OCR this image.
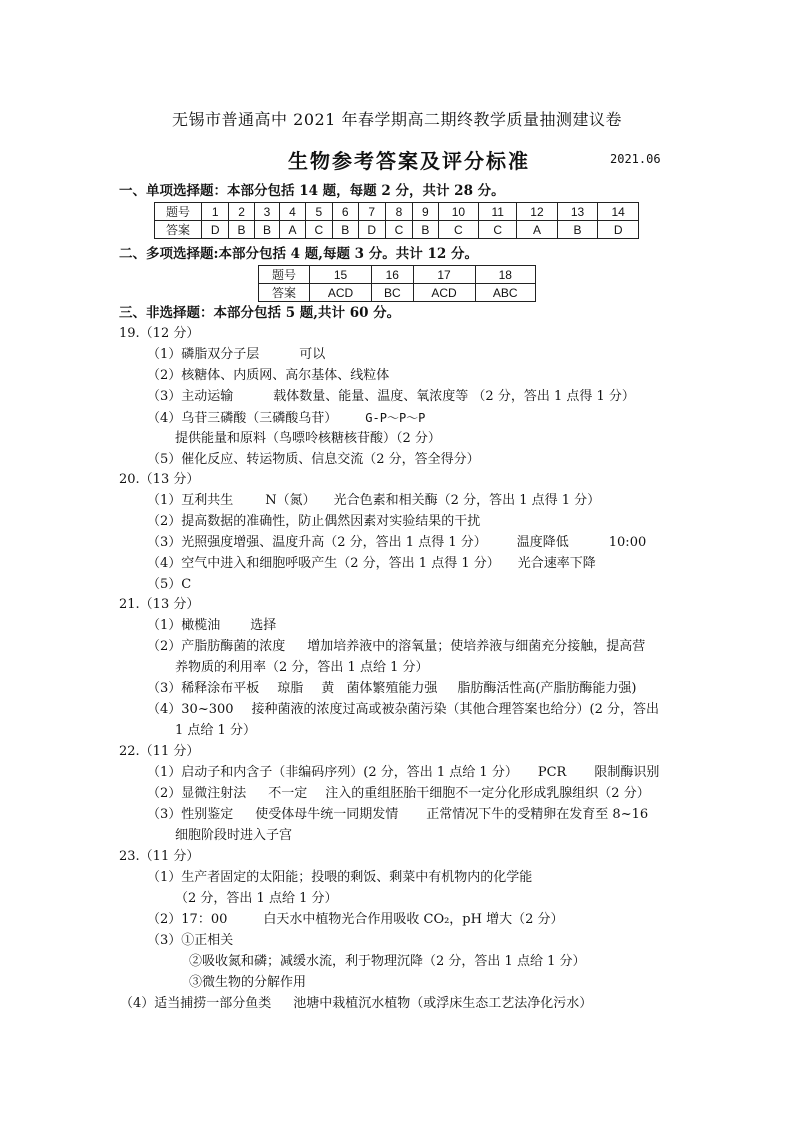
无锡市普通高中 2021 年春学期高二期终教学质量抽测建议卷
生物参考答案及评分标准	2021.06
一、单项选择题：本部分包括 14 题，每题 2 分，共计 28 分。
题号	1	2	3	4	5	6	7	8	9	10	11	12	13	14
答案	D	B	B	A	C	B	D	C	B	C	C	A	B	D
二、多项选择题:本部分包括 4 题,每题 3 分。共计 12 分。
题号	15	16	17	18
答案	ACD	BC	ACD	ABC
三、非选择题：本部分包括 5 题,共计 60 分。
19.（12 分）
（1）磷脂双分子层	可以
（2）核糖体、内质网、高尔基体、线粒体
（3）主动运输	载体数量、能量、温度、氧浓度等 （2 分，答出 1 点得 1 分）
（4）乌苷三磷酸（三磷酸乌苷） G-P～P～P
提供能量和原料（鸟嘌呤核糖核苷酸）（2 分）
（5）催化反应、转运物质、信息交流（2 分，答全得分）
20.（13 分）
（1）互利共生 N（氮） 光合色素和相关酶（2 分，答出 1 点得 1 分）
（2）提高数据的准确性，防止偶然因素对实验结果的干扰
（3）光照强度增强、温度升高（2 分，答出 1 点得 1 分） 温度降低	10:00
（4）空气中进入和细胞呼吸产生（2 分，答出 1 点得 1 分） 光合速率下降
（5）C
21.（13 分）
（1）橄榄油 选择
（2）产脂肪酶菌的浓度 增加培养液中的溶氧量；使培养液与细菌充分接触，提高营
养物质的利用率（2 分，答出 1 点给 1 分）
（3）稀释涂布平板 琼脂 黄 菌体繁殖能力强 脂肪酶活性高(产脂肪酶能力强)
（4）30~300 接种菌液的浓度过高或被杂菌污染（其他合理答案也给分）(2 分，答出
1 点给 1 分）
22.（11 分）
（1）启动子和内含子（非编码序列）(2 分，答出 1 点给 1 分） PCR 限制酶识别
（2）显微注射法 不一定 注入的重组胚胎干细胞不一定分化形成乳腺组织（2 分）
（3）性别鉴定 使受体母牛统一同期发情 正常情况下牛的受精卵在发育至 8~16
细胞阶段时进入子宫
23.（11 分）
（1）生产者固定的太阳能；投喂的剩饭、剩菜中有机物内的化学能
（2 分，答出 1 点给 1 分）
（2）17：00	白天水中植物光合作用吸收 CO₂，pH 增大（2 分）
（3）①正相关
②吸收氮和磷；减缓水流，利于物理沉降（2 分，答出 1 点给 1 分）
③微生物的分解作用
（4）适当捕捞一部分鱼类 池塘中栽植沉水植物（或浮床生态工艺法净化污水）
